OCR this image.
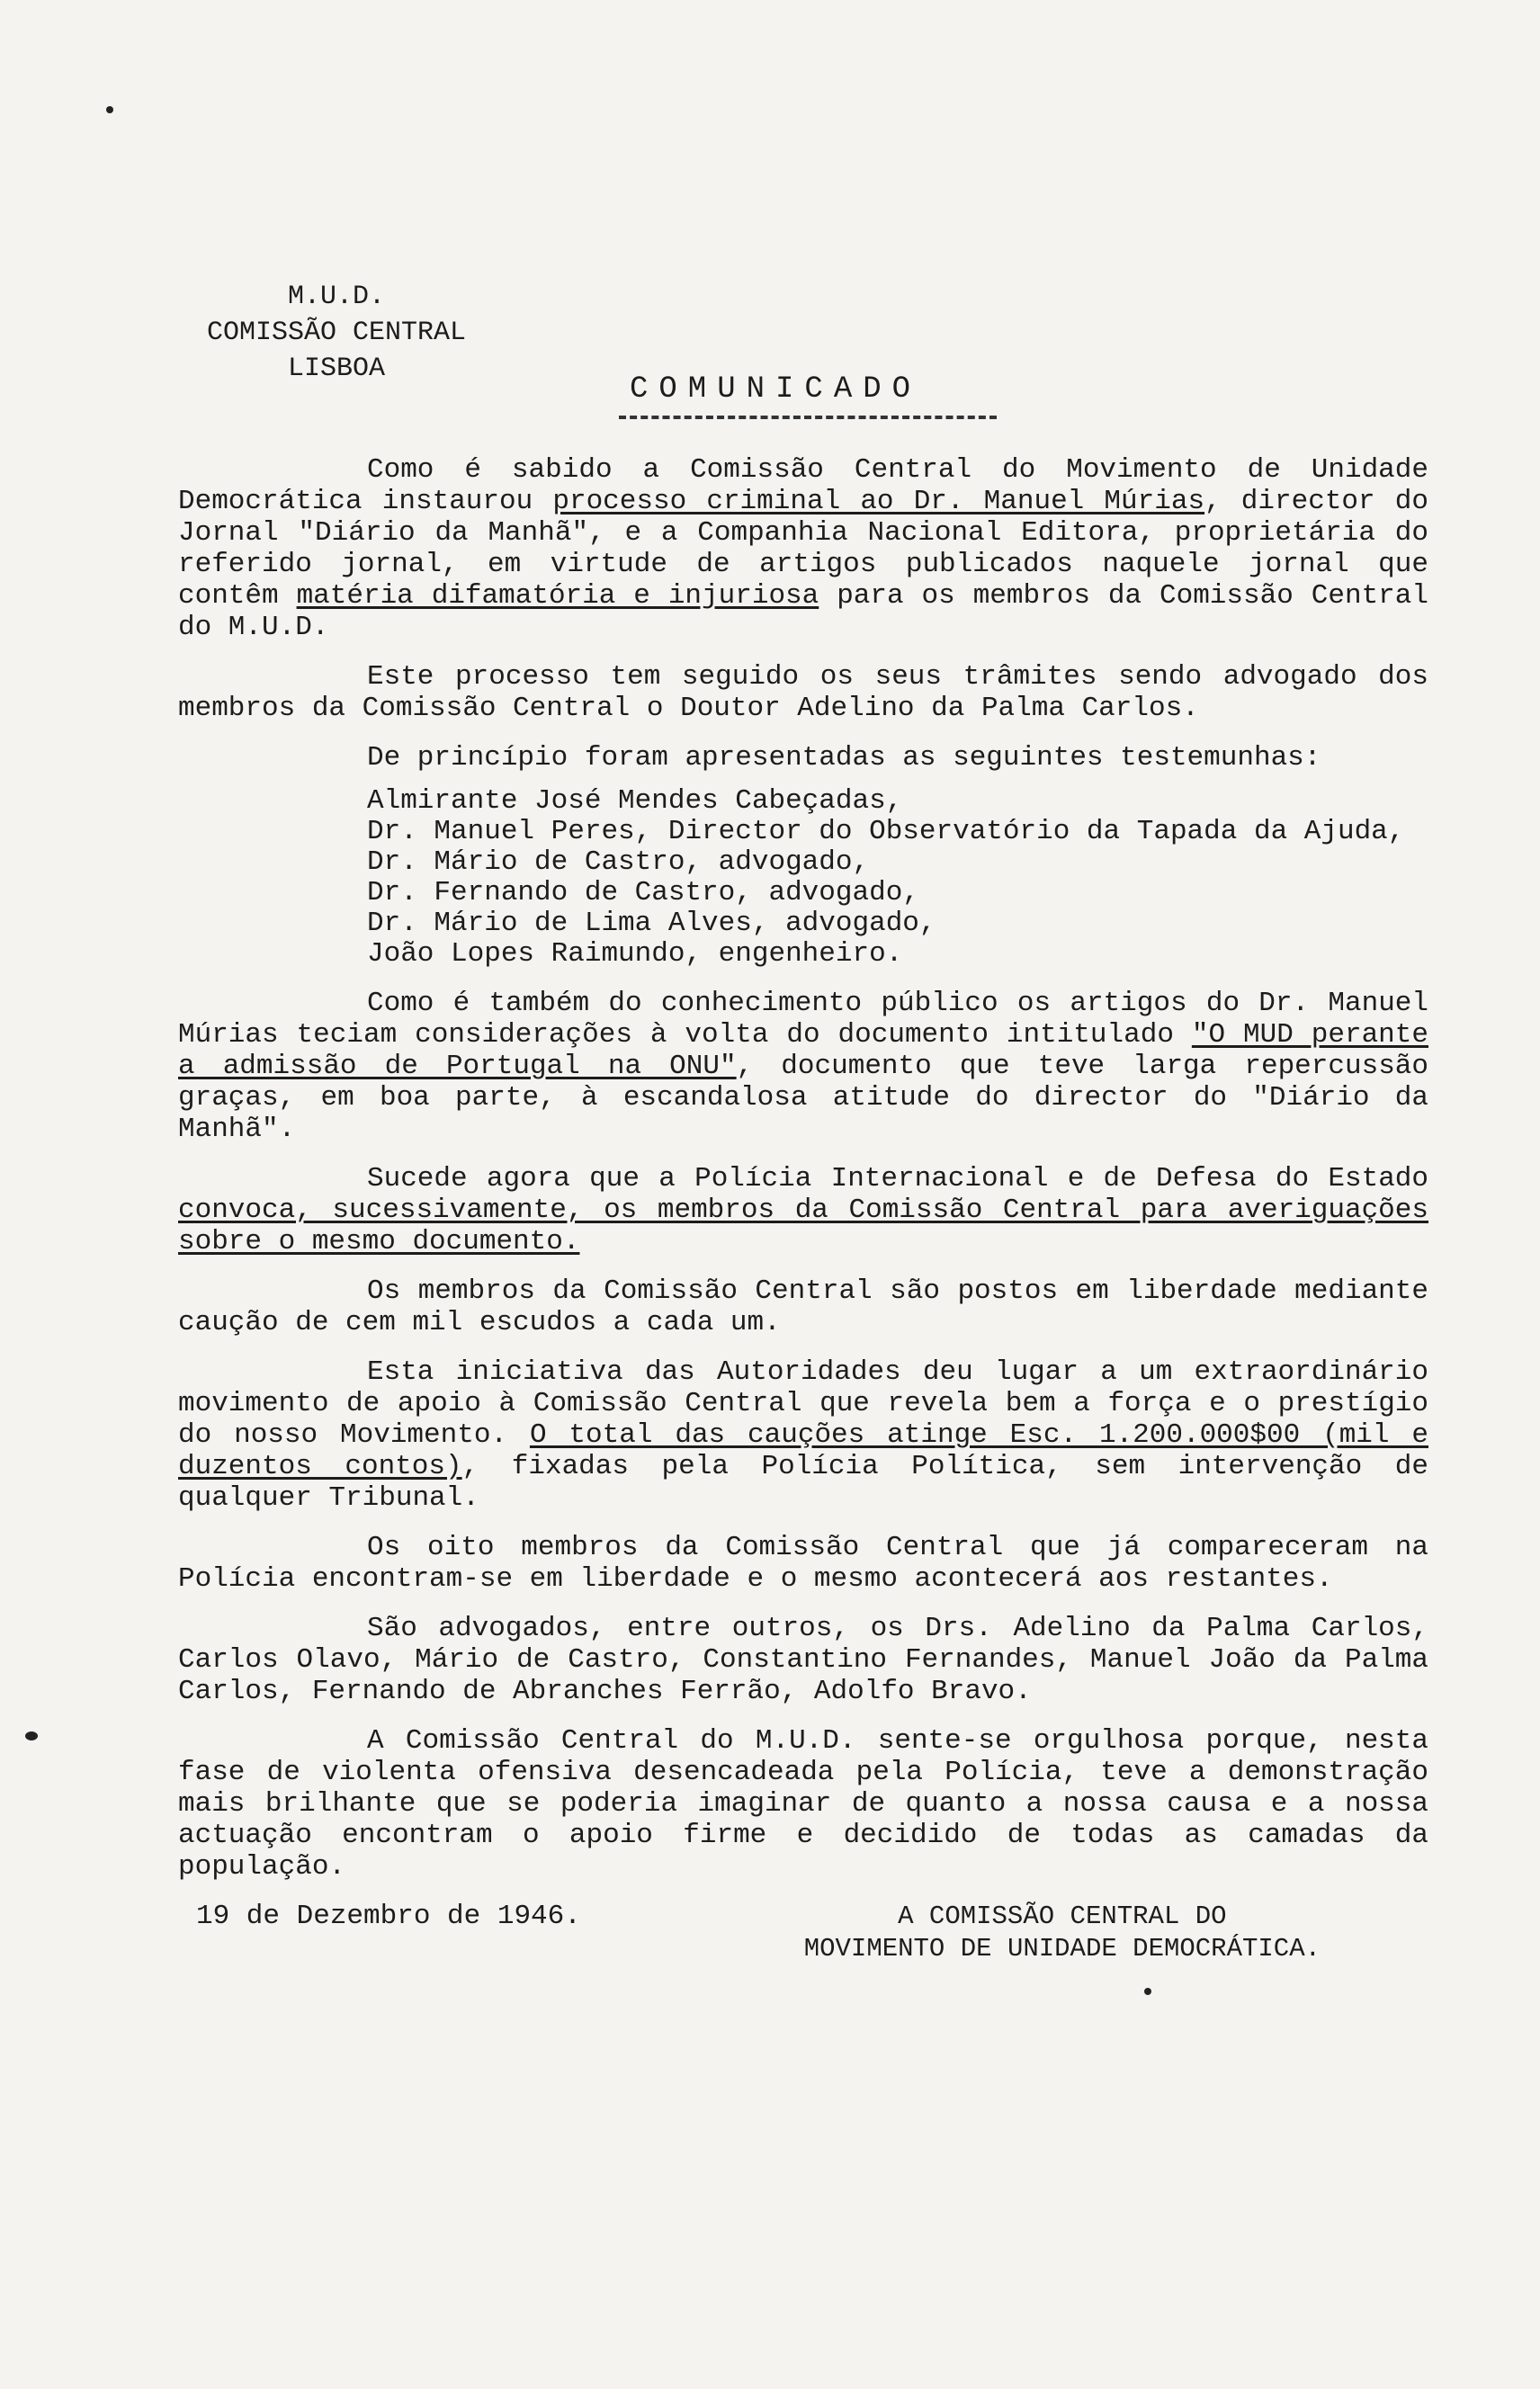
M.U.D.
COMISSÃO CENTRAL
LISBOA
COMUNICADO

Como é sabido a Comissão Central do Movimento de Unidade Democrática instaurou processo criminal ao Dr. Manuel Múrias, director do Jornal "Diário da Manhã", e a Companhia Nacional Editora, proprietária do referido jornal, em virtude de artigos publicados naquele jornal que contêm matéria difamatória e injuriosa para os membros da Comissão Central do M.U.D.

Este processo tem seguido os seus trâmites sendo advogado dos membros da Comissão Central o Doutor Adelino da Palma Carlos.

De princípio foram apresentadas as seguintes testemunhas:

Almirante José Mendes Cabeçadas,
Dr. Manuel Peres, Director do Observatório da Tapada da Ajuda,
Dr. Mário de Castro, advogado,
Dr. Fernando de Castro, advogado,
Dr. Mário de Lima Alves, advogado,
João Lopes Raimundo, engenheiro.

Como é também do conhecimento público os artigos do Dr. Manuel Múrias teciam considerações à volta do documento intitulado "O MUD perante a admissão de Portugal na ONU", documento que teve larga repercussão graças, em boa parte, à escandalosa atitude do director do "Diário da Manhã".

Sucede agora que a Polícia Internacional e de Defesa do Estado convoca, sucessivamente, os membros da Comissão Central para averiguações sobre o mesmo documento.

Os membros da Comissão Central são postos em liberdade mediante caução de cem mil escudos a cada um.

Esta iniciativa das Autoridades deu lugar a um extraordinário movimento de apoio à Comissão Central que revela bem a força e o prestígio do nosso Movimento. O total das cauções atinge Esc. 1.200.000$00 (mil e duzentos contos), fixadas pela Polícia Política, sem intervenção de qualquer Tribunal.

Os oito membros da Comissão Central que já compareceram na Polícia encontram-se em liberdade e o mesmo acontecerá aos restantes.

São advogados, entre outros, os Drs. Adelino da Palma Carlos, Carlos Olavo, Mário de Castro, Constantino Fernandes, Manuel João da Palma Carlos, Fernando de Abranches Ferrão, Adolfo Bravo.

A Comissão Central do M.U.D. sente-se orgulhosa porque, nesta fase de violenta ofensiva desencadeada pela Polícia, teve a demonstração mais brilhante que se poderia imaginar de quanto a nossa causa e a nossa actuação encontram o apoio firme e decidido de todas as camadas da população.

19 de Dezembro de 1946.	A COMISSÃO CENTRAL DO
MOVIMENTO DE UNIDADE DEMOCRÁTICA.
